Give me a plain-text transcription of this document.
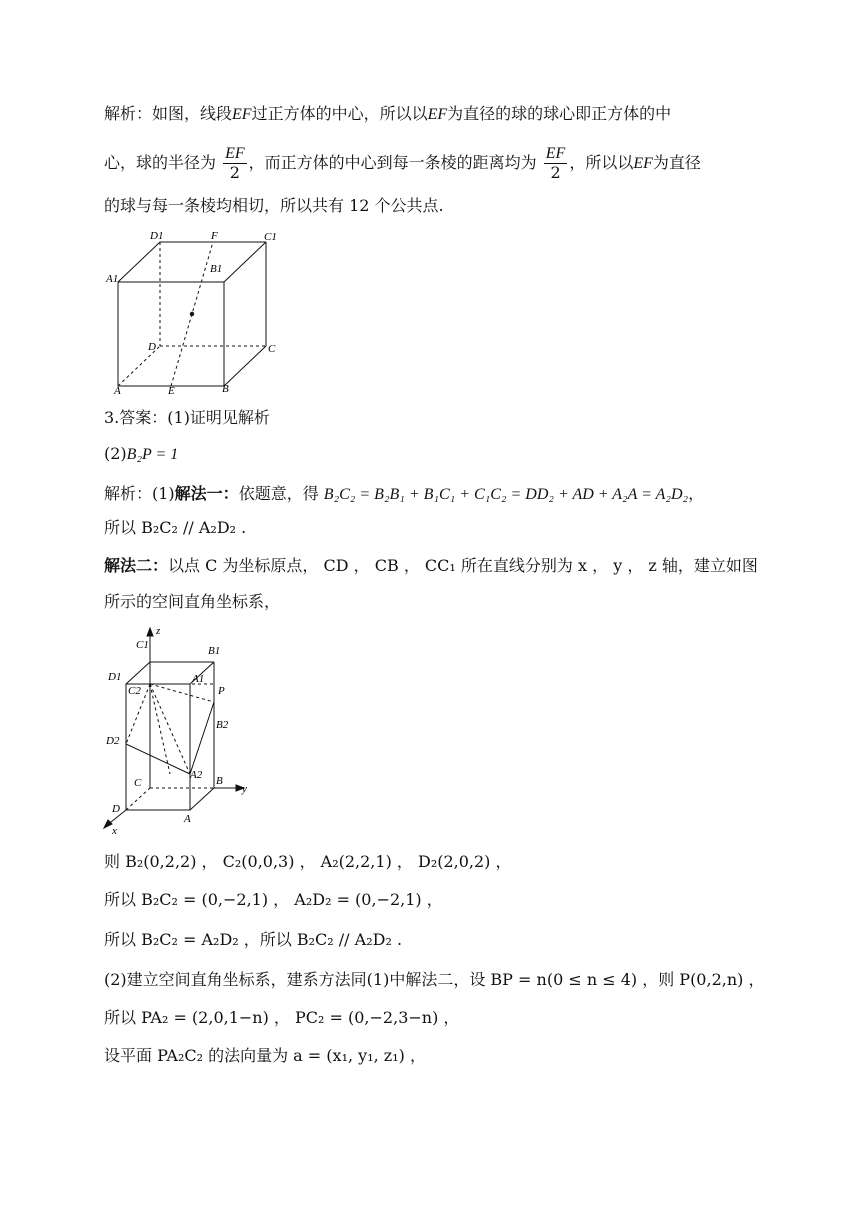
解析：如图，线段EF过正方体的中心，所以以EF为直径的球的球心即正方体的中
心，球的半径为 $\frac{EF}{2}$ ，而正方体的中心到每一条棱的距离均为 $\frac{EF}{2}$ ，所以以EF为直径
的球与每一条棱均相切，所以共有 12 个公共点.
D1	F	C1
B1
A1
D	C
A	E	B
3.答案：(1)证明见解析
(2)B₂P = 1
解析：(1)解法一：依题意，得 B₂C₂ = B₂B₁ + B₁C₁ + C₁C₂ = DD₂ + AD + A₂A = A₂D₂，
所以 B₂C₂ // A₂D₂ .
解法二：以点 C 为坐标原点， CD ， CB ， CC₁ 所在直线分别为 x ， y ， z 轴，建立如图
所示的空间直角坐标系，
z
C1	B1
D1
C2
A1
P
B2
D2
A2
C	B
y
D
A
x
则 B₂(0,2,2) ， C₂(0,0,3) ， A₂(2,2,1) ， D₂(2,0,2) ，
所以 B₂C₂ = (0,−2,1) ， A₂D₂ = (0,−2,1) ，
所以 B₂C₂ = A₂D₂ ，所以 B₂C₂ // A₂D₂ .
(2)建立空间直角坐标系，建系方法同(1)中解法二，设 BP = n(0 ≤ n ≤ 4) ，则 P(0,2,n) ，
所以 PA₂ = (2,0,1−n) ， PC₂ = (0,−2,3−n) ，
设平面 PA₂C₂ 的法向量为 a = (x₁, y₁, z₁) ，
